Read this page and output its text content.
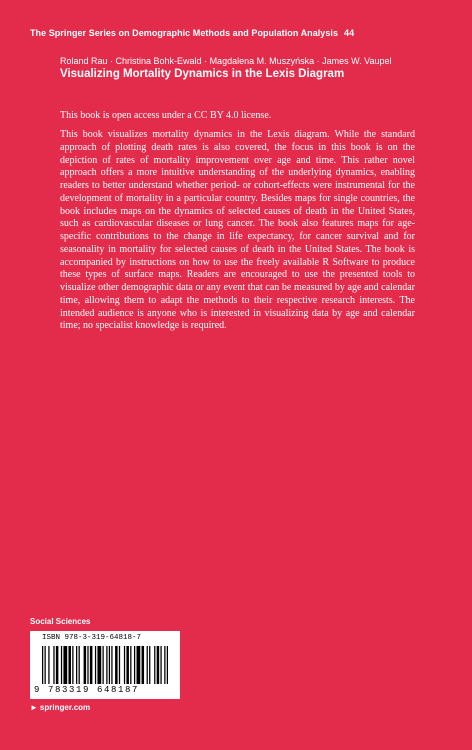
The Springer Series on Demographic Methods and Population Analysis 44
Roland Rau · Christina Bohk-Ewald · Magdalena M. Muszyńska · James W. Vaupel
Visualizing Mortality Dynamics in the Lexis Diagram
This book is open access under a CC BY 4.0 license.

This book visualizes mortality dynamics in the Lexis diagram. While the standard approach of plotting death rates is also covered, the focus in this book is on the depiction of rates of mortality improvement over age and time. This rather novel approach offers a more intuitive understanding of the underlying dynamics, enabling readers to better understand whether period- or cohort-effects were instrumental for the development of mortality in a particular country. Besides maps for single countries, the book includes maps on the dynamics of selected causes of death in the United States, such as cardiovascular diseases or lung cancer. The book also features maps for age-specific contributions to the change in life expectancy, for cancer survival and for seasonality in mortality for selected causes of death in the United States. The book is accompanied by instructions on how to use the freely available R Software to produce these types of surface maps. Readers are encouraged to use the presented tools to visualize other demographic data or any event that can be measured by age and calendar time, allowing them to adapt the methods to their respective research interests. The intended audience is anyone who is interested in visualizing data by age and calendar time; no specialist knowledge is required.

Social Sciences
ISBN 978-3-319-64818-7
9 783319 648187
► springer.com
